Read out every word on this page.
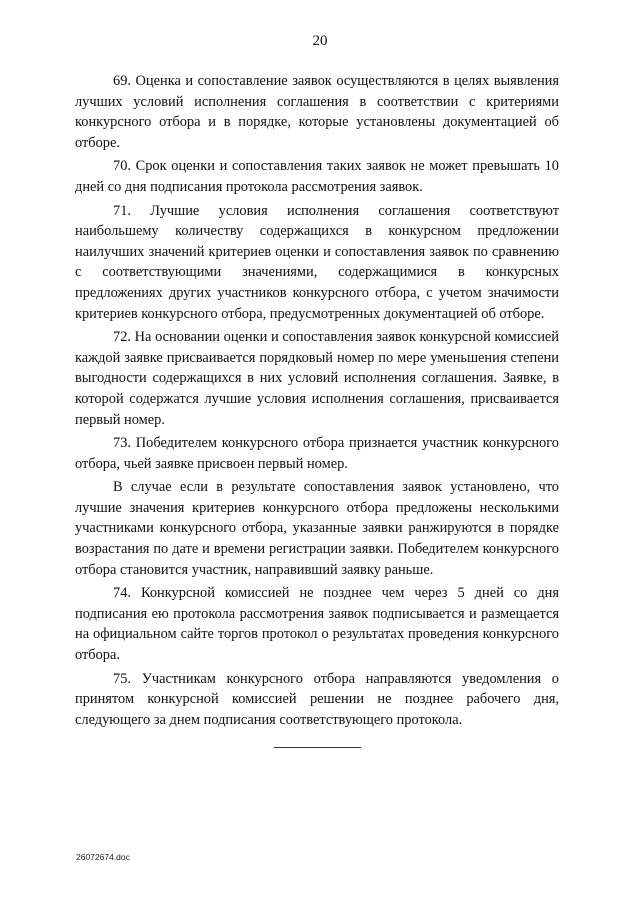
20

69. Оценка и сопоставление заявок осуществляются в целях выявления лучших условий исполнения соглашения в соответствии с критериями конкурсного отбора и в порядке, которые установлены документацией об отборе.

70. Срок оценки и сопоставления таких заявок не может превышать 10 дней со дня подписания протокола рассмотрения заявок.

71. Лучшие условия исполнения соглашения соответствуют наибольшему количеству содержащихся в конкурсном предложении наилучших значений критериев оценки и сопоставления заявок по сравнению с соответствующими значениями, содержащимися в конкурсных предложениях других участников конкурсного отбора, с учетом значимости критериев конкурсного отбора, предусмотренных документацией об отборе.

72. На основании оценки и сопоставления заявок конкурсной комиссией каждой заявке присваивается порядковый номер по мере уменьшения степени выгодности содержащихся в них условий исполнения соглашения. Заявке, в которой содержатся лучшие условия исполнения соглашения, присваивается первый номер.

73. Победителем конкурсного отбора признается участник конкурсного отбора, чьей заявке присвоен первый номер.

В случае если в результате сопоставления заявок установлено, что лучшие значения критериев конкурсного отбора предложены несколькими участниками конкурсного отбора, указанные заявки ранжируются в порядке возрастания по дате и времени регистрации заявки. Победителем конкурсного отбора становится участник, направивший заявку раньше.

74. Конкурсной комиссией не позднее чем через 5 дней со дня подписания ею протокола рассмотрения заявок подписывается и размещается на официальном сайте торгов протокол о результатах проведения конкурсного отбора.

75. Участникам конкурсного отбора направляются уведомления о принятом конкурсной комиссией решении не позднее рабочего дня, следующего за днем подписания соответствующего протокола.

26072674.doc
